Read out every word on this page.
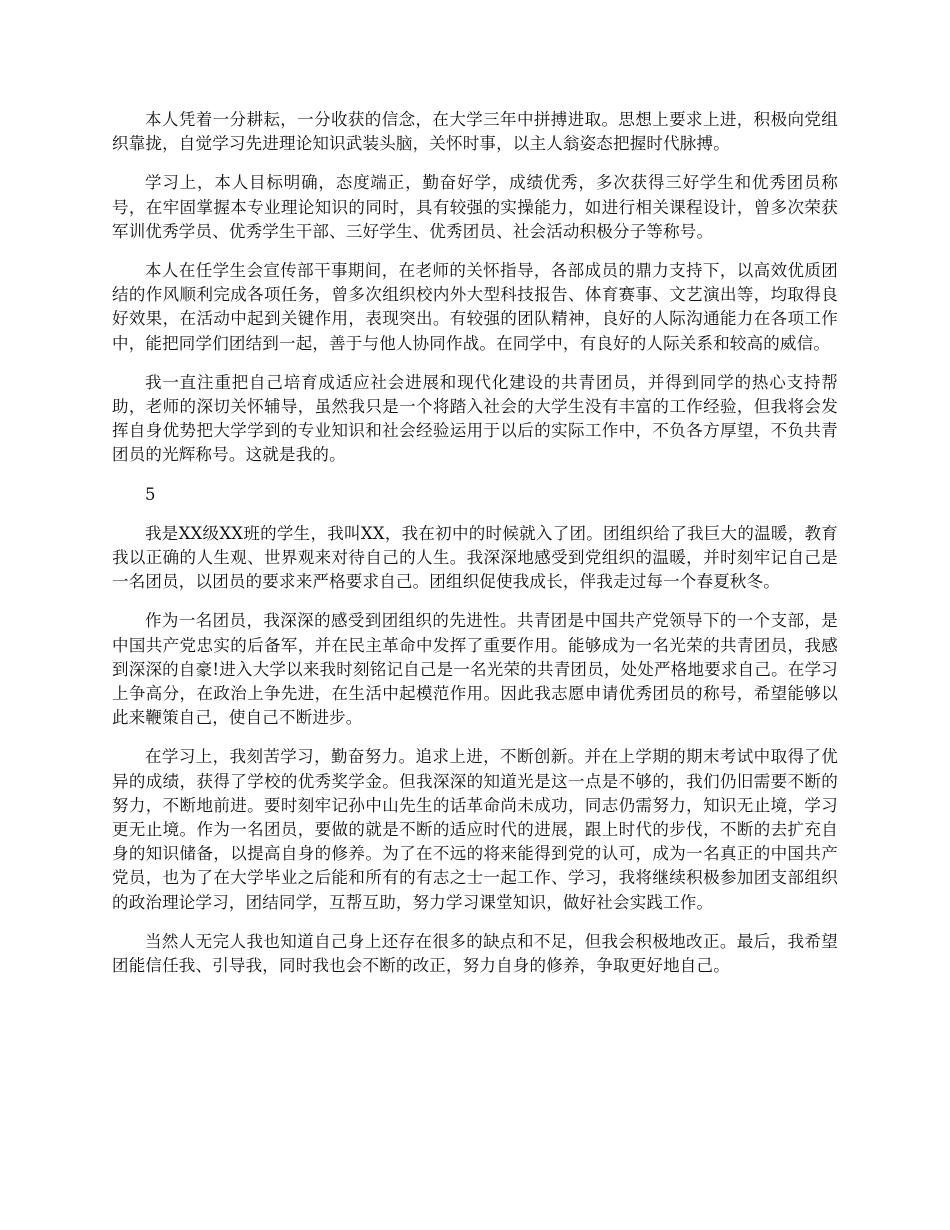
本人凭着一分耕耘，一分收获的信念，在大学三年中拼搏进取。思想上要求上进，积极向党组织靠拢，自觉学习先进理论知识武装头脑，关怀时事，以主人翁姿态把握时代脉搏。

学习上，本人目标明确，态度端正，勤奋好学，成绩优秀，多次获得三好学生和优秀团员称号，在牢固掌握本专业理论知识的同时，具有较强的实操能力，如进行相关课程设计，曾多次荣获军训优秀学员、优秀学生干部、三好学生、优秀团员、社会活动积极分子等称号。

本人在任学生会宣传部干事期间，在老师的关怀指导，各部成员的鼎力支持下，以高效优质团结的作风顺利完成各项任务，曾多次组织校内外大型科技报告、体育赛事、文艺演出等，均取得良好效果，在活动中起到关键作用，表现突出。有较强的团队精神，良好的人际沟通能力在各项工作中，能把同学们团结到一起，善于与他人协同作战。在同学中，有良好的人际关系和较高的威信。

我一直注重把自己培育成适应社会进展和现代化建设的共青团员，并得到同学的热心支持帮助，老师的深切关怀辅导，虽然我只是一个将踏入社会的大学生没有丰富的工作经验，但我将会发挥自身优势把大学学到的专业知识和社会经验运用于以后的实际工作中，不负各方厚望，不负共青团员的光辉称号。这就是我的。

5

我是XX级XX班的学生，我叫XX，我在初中的时候就入了团。团组织给了我巨大的温暖，教育我以正确的人生观、世界观来对待自己的人生。我深深地感受到党组织的温暖，并时刻牢记自己是一名团员，以团员的要求来严格要求自己。团组织促使我成长，伴我走过每一个春夏秋冬。

作为一名团员，我深深的感受到团组织的先进性。共青团是中国共产党领导下的一个支部，是中国共产党忠实的后备军，并在民主革命中发挥了重要作用。能够成为一名光荣的共青团员，我感到深深的自豪!进入大学以来我时刻铭记自己是一名光荣的共青团员，处处严格地要求自己。在学习上争高分，在政治上争先进，在生活中起模范作用。因此我志愿申请优秀团员的称号，希望能够以此来鞭策自己，使自己不断进步。

在学习上，我刻苦学习，勤奋努力。追求上进，不断创新。并在上学期的期末考试中取得了优异的成绩，获得了学校的优秀奖学金。但我深深的知道光是这一点是不够的，我们仍旧需要不断的努力，不断地前进。要时刻牢记孙中山先生的话革命尚未成功，同志仍需努力，知识无止境，学习更无止境。作为一名团员，要做的就是不断的适应时代的进展，跟上时代的步伐，不断的去扩充自身的知识储备，以提高自身的修养。为了在不远的将来能得到党的认可，成为一名真正的中国共产党员，也为了在大学毕业之后能和所有的有志之士一起工作、学习，我将继续积极参加团支部组织的政治理论学习，团结同学，互帮互助，努力学习课堂知识，做好社会实践工作。

当然人无完人我也知道自己身上还存在很多的缺点和不足，但我会积极地改正。最后，我希望团能信任我、引导我，同时我也会不断的改正，努力自身的修养，争取更好地自己。
